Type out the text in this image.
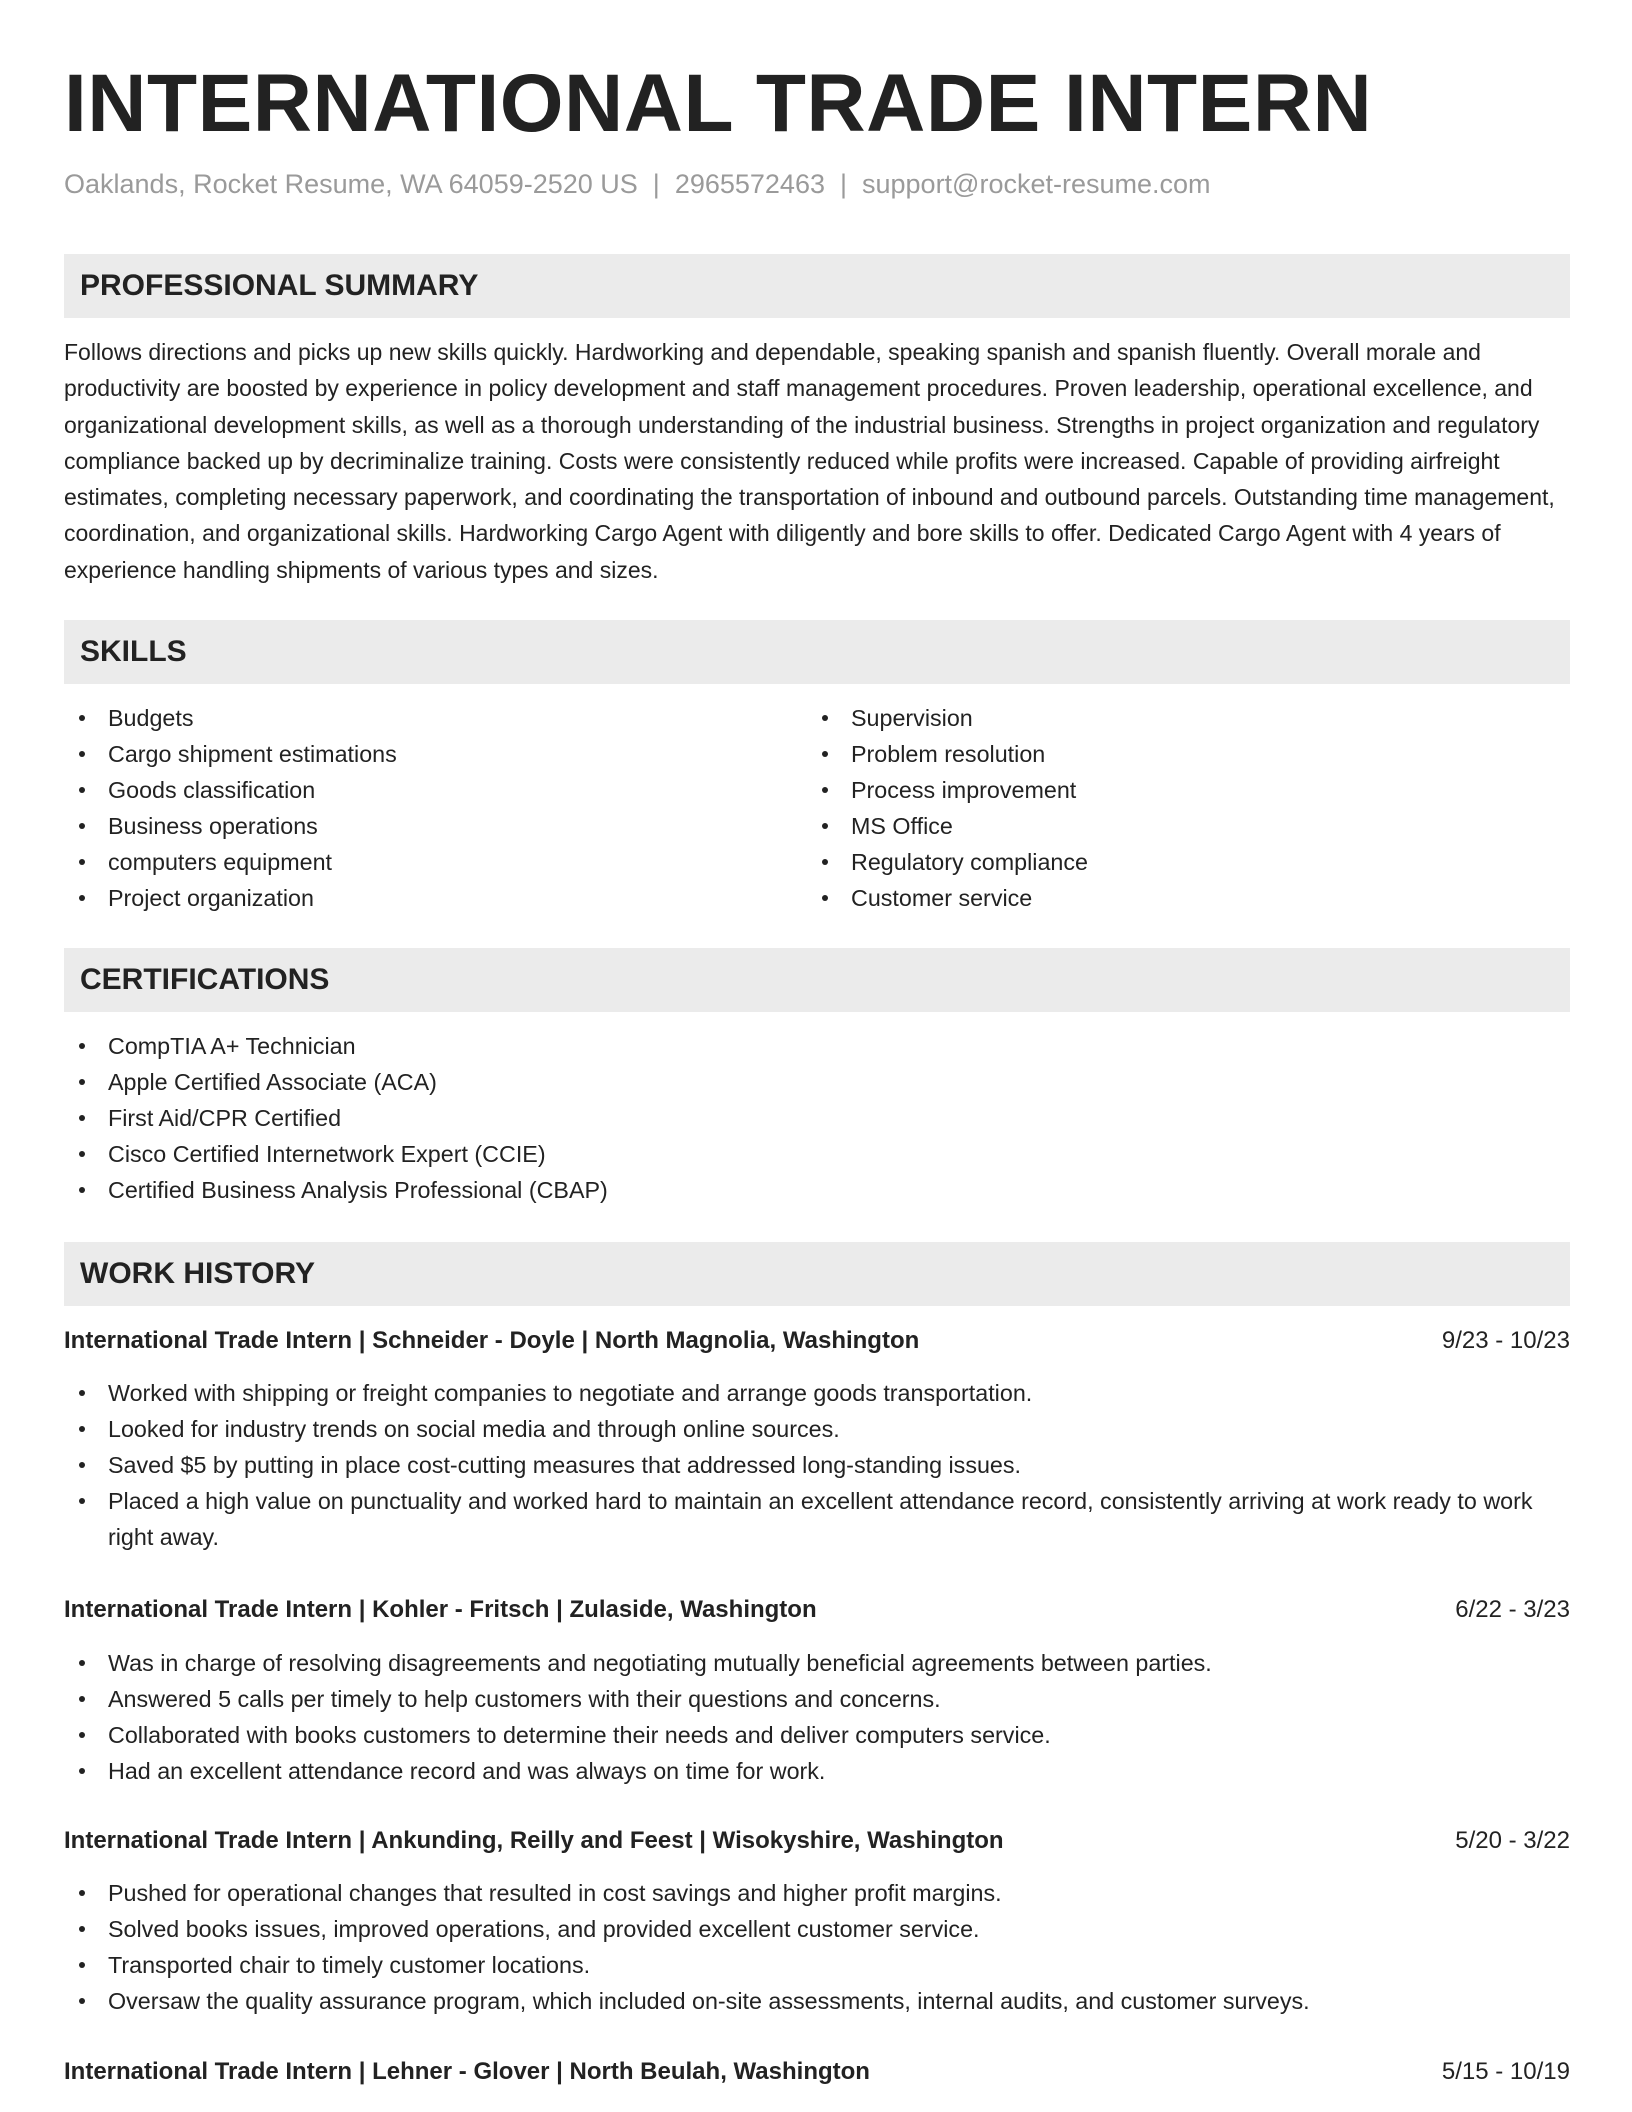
INTERNATIONAL TRADE INTERN
Oaklands, Rocket Resume, WA 64059-2520 US | 2965572463 | support@rocket-resume.com
PROFESSIONAL SUMMARY

Follows directions and picks up new skills quickly. Hardworking and dependable, speaking spanish and spanish fluently. Overall morale and productivity are boosted by experience in policy development and staff management procedures. Proven leadership, operational excellence, and organizational development skills, as well as a thorough understanding of the industrial business. Strengths in project organization and regulatory compliance backed up by decriminalize training. Costs were consistently reduced while profits were increased. Capable of providing airfreight estimates, completing necessary paperwork, and coordinating the transportation of inbound and outbound parcels. Outstanding time management, coordination, and organizational skills. Hardworking Cargo Agent with diligently and bore skills to offer. Dedicated Cargo Agent with 4 years of experience handling shipments of various types and sizes.

SKILLS
Budgets
Cargo shipment estimations
Goods classification
Business operations
computers equipment
Project organization
Supervision
Problem resolution
Process improvement
MS Office
Regulatory compliance
Customer service
CERTIFICATIONS
CompTIA A+ Technician
Apple Certified Associate (ACA)
First Aid/CPR Certified
Cisco Certified Internetwork Expert (CCIE)
Certified Business Analysis Professional (CBAP)
WORK HISTORY
International Trade Intern | Schneider - Doyle | North Magnolia, Washington	9/23 - 10/23
Worked with shipping or freight companies to negotiate and arrange goods transportation.
Looked for industry trends on social media and through online sources.
Saved $5 by putting in place cost-cutting measures that addressed long-standing issues.
Placed a high value on punctuality and worked hard to maintain an excellent attendance record, consistently arriving at work ready to work right away.
International Trade Intern | Kohler - Fritsch | Zulaside, Washington	6/22 - 3/23
Was in charge of resolving disagreements and negotiating mutually beneficial agreements between parties.
Answered 5 calls per timely to help customers with their questions and concerns.
Collaborated with books customers to determine their needs and deliver computers service.
Had an excellent attendance record and was always on time for work.
International Trade Intern | Ankunding, Reilly and Feest | Wisokyshire, Washington	5/20 - 3/22
Pushed for operational changes that resulted in cost savings and higher profit margins.
Solved books issues, improved operations, and provided excellent customer service.
Transported chair to timely customer locations.
Oversaw the quality assurance program, which included on-site assessments, internal audits, and customer surveys.
International Trade Intern | Lehner - Glover | North Beulah, Washington	5/15 - 10/19
